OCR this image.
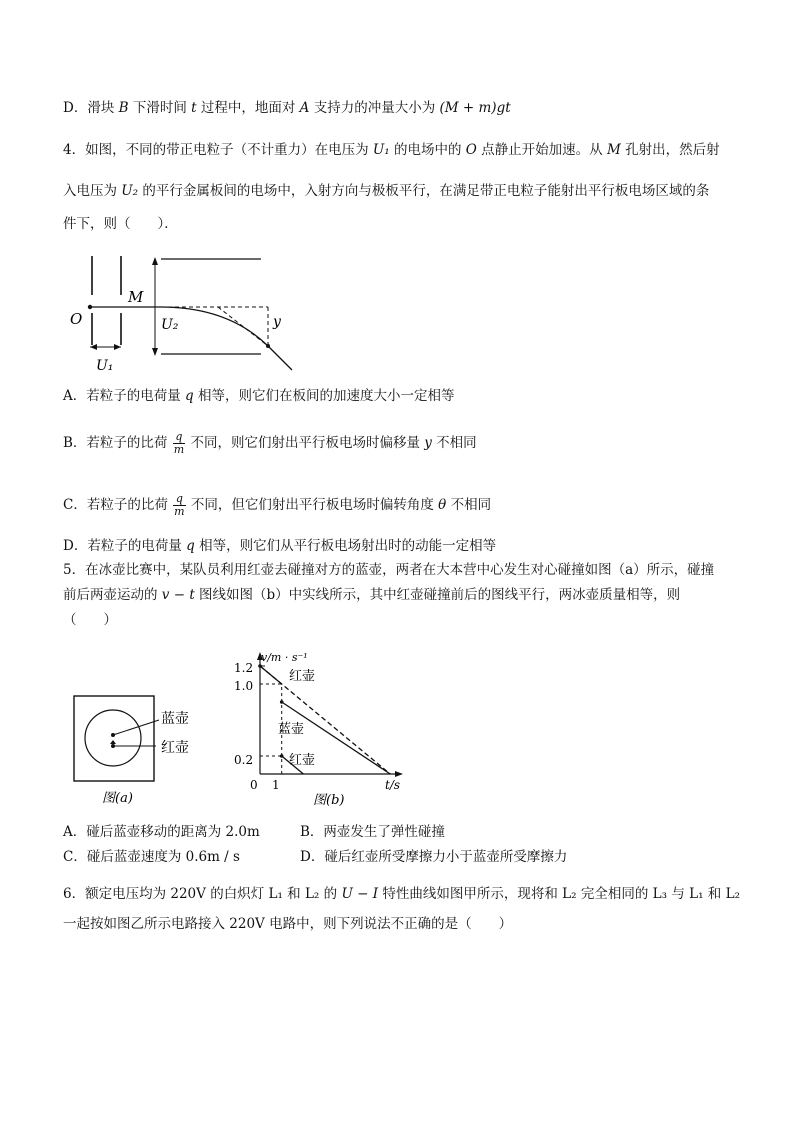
D．滑块 B 下滑时间 t 过程中，地面对 A 支持力的冲量大小为 (M + m)gt
4．如图，不同的带正电粒子（不计重力）在电压为 U₁ 的电场中的 O 点静止开始加速。从 M 孔射出，然后射
入电压为 U₂ 的平行金属板间的电场中，入射方向与极板平行，在满足带正电粒子能射出平行板电场区域的条
件下，则（　　）．
O
M
U₂	y
U₁
A．若粒子的电荷量 q 相等，则它们在板间的加速度大小一定相等
B．若粒子的比荷 $\frac{q}{m}$ 不同，则它们射出平行板电场时偏移量 y 不相同
C．若粒子的比荷 $\frac{q}{m}$ 不同，但它们射出平行板电场时偏转角度 θ 不相同
D．若粒子的电荷量 q 相等，则它们从平行板电场射出时的动能一定相等
5．在冰壶比赛中，某队员利用红壶去碰撞对方的蓝壶，两者在大本营中心发生对心碰撞如图（a）所示，碰撞
前后两壶运动的 v − t 图线如图（b）中实线所示，其中红壶碰撞前后的图线平行，两冰壶质量相等，则
（　　）
蓝壶
红壶
图(a)
v/m · s⁻¹
t/s
0 1
1.2
1.0
0.2
红壶
蓝壶
红壶
图(b)
A．碰后蓝壶移动的距离为 2.0m	B．两壶发生了弹性碰撞
C．碰后蓝壶速度为 0.6m / s	D．碰后红壶所受摩擦力小于蓝壶所受摩擦力
6．额定电压均为 220V 的白炽灯 L₁ 和 L₂ 的 U − I 特性曲线如图甲所示，现将和 L₂ 完全相同的 L₃ 与 L₁ 和 L₂
一起按如图乙所示电路接入 220V 电路中，则下列说法不正确的是（　　）
